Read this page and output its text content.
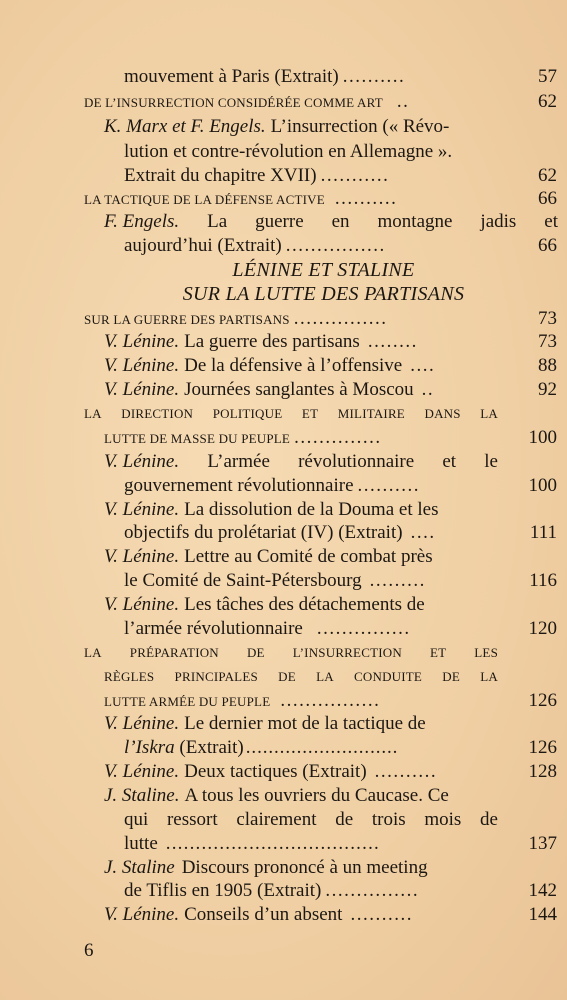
mouvement à Paris (Extrait) ..........	57
DE L’INSURRECTION CONSIDÉRÉE COMME ART ..	62
K. Marx et F. Engels. L’insurrection (« Révo-
lution et contre-révolution en Allemagne ».
Extrait du chapitre XVII) ...........	62
LA TACTIQUE DE LA DÉFENSE ACTIVE ..........	66
F. Engels. La guerre en montagne jadis et
aujourd’hui (Extrait) ................	66
LÉNINE ET STALINE
SUR LA LUTTE DES PARTISANS
SUR LA GUERRE DES PARTISANS ...............	73
V. Lénine. La guerre des partisans ........	73
V. Lénine. De la défensive à l’offensive ....	88
V. Lénine. Journées sanglantes à Moscou ..	92
LA DIRECTION POLITIQUE ET MILITAIRE DANS LA
LUTTE DE MASSE DU PEUPLE ..............	100
V. Lénine. L’armée révolutionnaire et le
gouvernement révolutionnaire ..........	100
V. Lénine. La dissolution de la Douma et les
objectifs du prolétariat (IV) (Extrait) ....	111
V. Lénine. Lettre au Comité de combat près
le Comité de Saint-Pétersbourg .........	116
V. Lénine. Les tâches des détachements de
l’armée révolutionnaire ...............	120
LA PRÉPARATION DE L’INSURRECTION ET LES
RÈGLES PRINCIPALES DE LA CONDUITE DE LA
LUTTE ARMÉE DU PEUPLE ................	126
V. Lénine. Le dernier mot de la tactique de
l’Iskra (Extrait) ...........................	126
V. Lénine. Deux tactiques (Extrait) ..........	128
J. Staline. A tous les ouvriers du Caucase. Ce
qui ressort clairement de trois mois de
lutte ....................................	137
J. Staline Discours prononcé à un meeting
de Tiflis en 1905 (Extrait) ...............	142
V. Lénine. Conseils d’un absent ..........	144
6
